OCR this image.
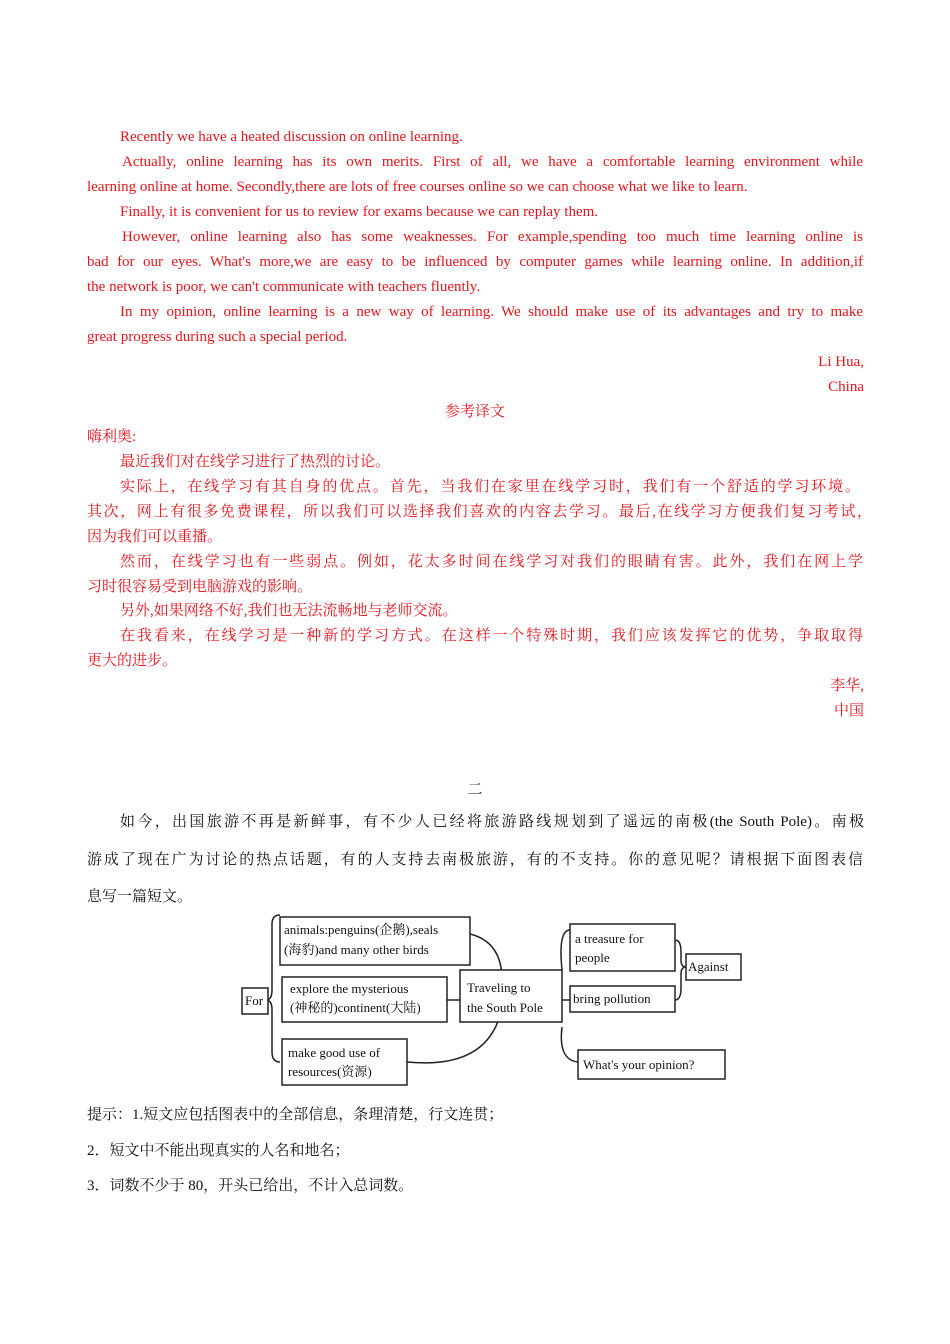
Recently we have a heated discussion on online learning.
Actually, online learning has its own merits. First of all, we have a comfortable learning environment while
learning online at home. Secondly,there are lots of free courses online so we can choose what we like to learn.
Finally, it is convenient for us to review for exams because we can replay them.
However, online learning also has some weaknesses. For example,spending too much time learning online is
bad for our eyes. What's more,we are easy to be influenced by computer games while learning online. In addition,if
the network is poor, we can't communicate with teachers fluently.
In my opinion, online learning is a new way of learning. We should make use of its advantages and try to make
great progress during such a special period.
Li Hua,
China
参考译文
嗨利奥:
最近我们对在线学习进行了热烈的讨论。
实际上，在线学习有其自身的优点。首先，当我们在家里在线学习时，我们有一个舒适的学习环境。
其次，网上有很多免费课程，所以我们可以选择我们喜欢的内容去学习。最后,在线学习方便我们复习考试，
因为我们可以重播。
然而，在线学习也有一些弱点。例如，花太多时间在线学习对我们的眼睛有害。此外，我们在网上学
习时很容易受到电脑游戏的影响。
另外,如果网络不好,我们也无法流畅地与老师交流。
在我看来，在线学习是一种新的学习方式。在这样一个特殊时期，我们应该发挥它的优势，争取取得
更大的进步。
李华,
中国
二
如今，出国旅游不再是新鲜事，有不少人已经将旅游路线规划到了遥远的南极(the South Pole)。南极
游成了现在广为讨论的热点话题，有的人支持去南极旅游，有的不支持。你的意见呢？请根据下面图表信
息写一篇短文。
For
animals:penguins(企鹅),seals
(海豹)and many other birds
explore the mysterious
(神秘的)continent(大陆)
make good use of
resources(资源)
Traveling to
the South Pole
a treasure for
people
bring pollution
Against
What's your opinion?
提示：1.短文应包括图表中的全部信息，条理清楚，行文连贯；
2．短文中不能出现真实的人名和地名；
3．词数不少于 80，开头已给出，不计入总词数。
